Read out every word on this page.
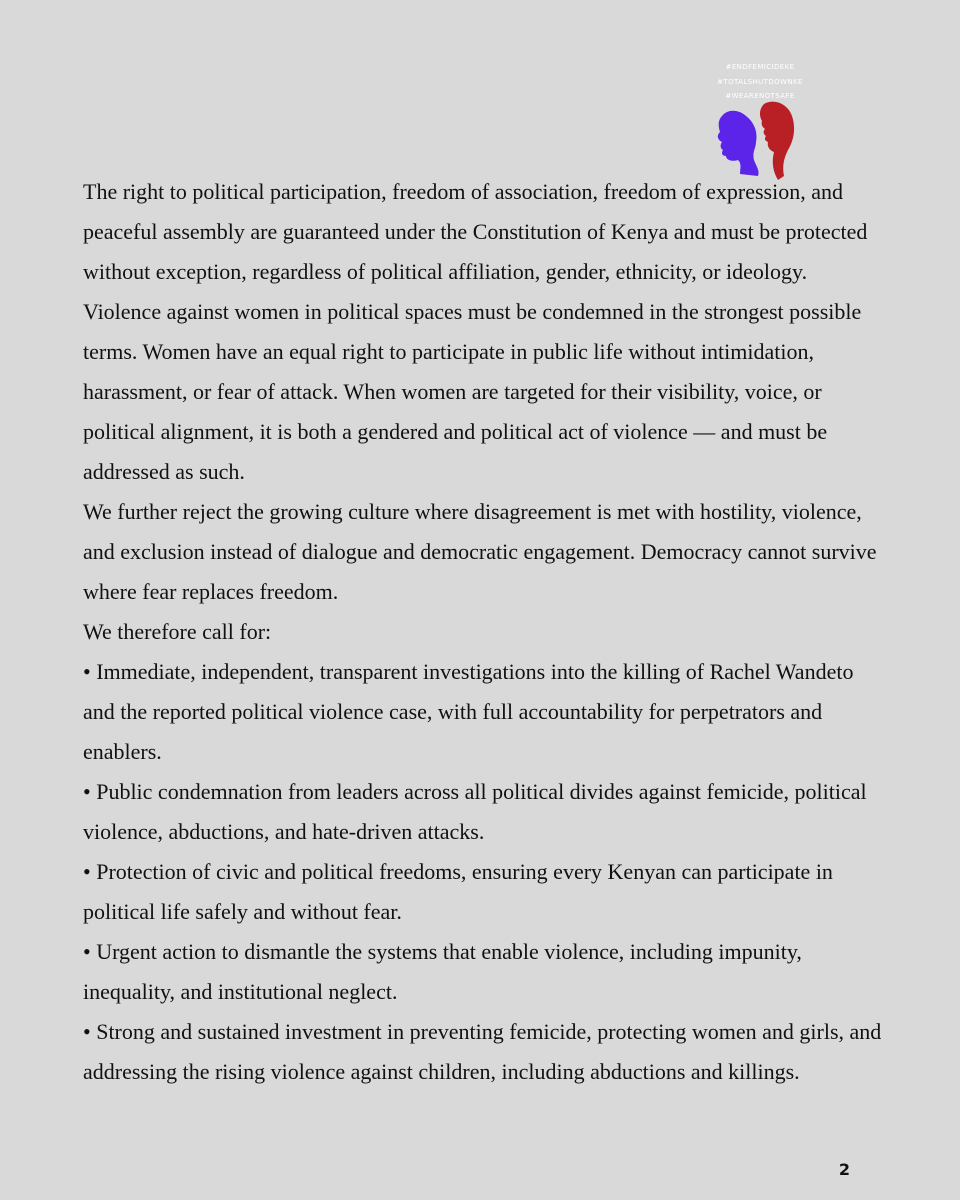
#ENDFEMICIDEKE
#TOTALSHUTDOWNKE
#WEARENOTSAFE

The right to political participation, freedom of association, freedom of expression, and peaceful assembly are guaranteed under the Constitution of Kenya and must be protected without exception, regardless of political affiliation, gender, ethnicity, or ideology.

Violence against women in political spaces must be condemned in the strongest possible terms. Women have an equal right to participate in public life without intimidation, harassment, or fear of attack. When women are targeted for their visibility, voice, or political alignment, it is both a gendered and political act of violence — and must be addressed as such.

We further reject the growing culture where disagreement is met with hostility, violence, and exclusion instead of dialogue and democratic engagement. Democracy cannot survive where fear replaces freedom.

We therefore call for:

• Immediate, independent, transparent investigations into the killing of Rachel Wandeto and the reported political violence case, with full accountability for perpetrators and enablers.

• Public condemnation from leaders across all political divides against femicide, political violence, abductions, and hate-driven attacks.

• Protection of civic and political freedoms, ensuring every Kenyan can participate in political life safely and without fear.

• Urgent action to dismantle the systems that enable violence, including impunity, inequality, and institutional neglect.

• Strong and sustained investment in preventing femicide, protecting women and girls, and addressing the rising violence against children, including abductions and killings.

2
